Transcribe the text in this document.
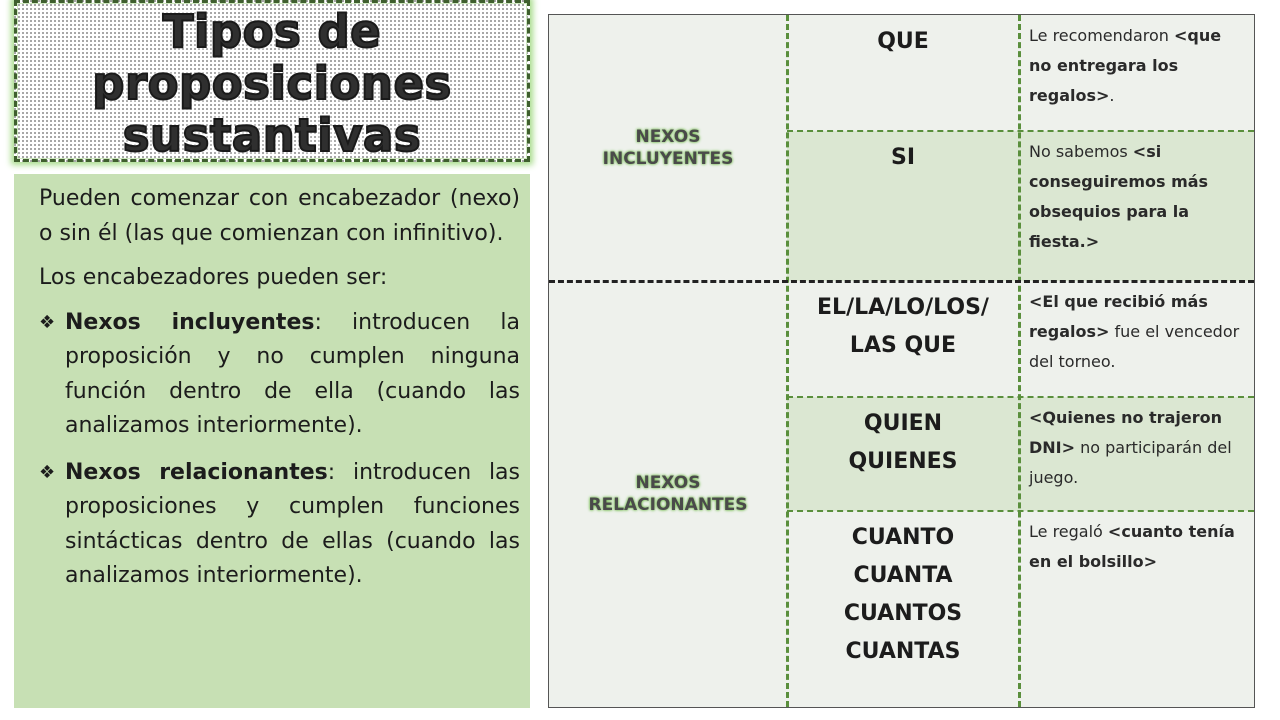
Tipos de
proposiciones
sustantivas

Pueden comenzar con encabezador (nexo) o sin él (las que comienzan con infinitivo).

Los encabezadores pueden ser:

❖ Nexos incluyentes: introducen la proposición y no cumplen ninguna función dentro de ella (cuando las analizamos interiormente).
❖ Nexos relacionantes: introducen las proposiciones y cumplen funciones sintácticas dentro de ellas (cuando las analizamos interiormente).
NEXOS
INCLUYENTES
NEXOS
RELACIONANTES
QUE	Le recomendaron <que no entregara los regalos>.
SI	No sabemos <si conseguiremos más obsequios para la fiesta.>
EL/LA/LO/LOS/
LAS QUE
<El que recibió más regalos> fue el vencedor del torneo.
QUIEN
QUIENES
<Quienes no trajeron DNI> no participarán del juego.
CUANTO
CUANTA
CUANTOS
CUANTAS
Le regaló <cuanto tenía en el bolsillo>
